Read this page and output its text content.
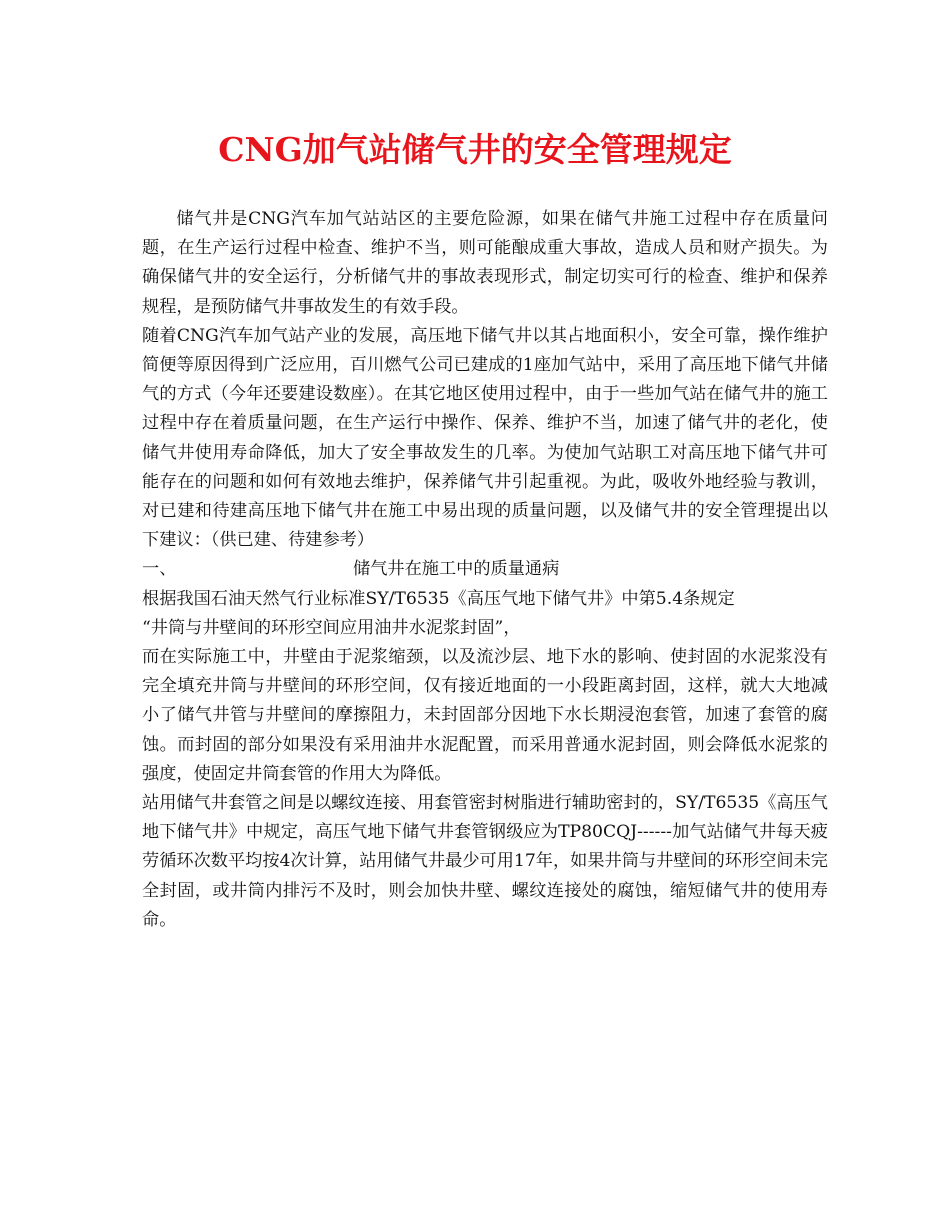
CNG加气站储气井的安全管理规定

储气井是CNG汽车加气站站区的主要危险源，如果在储气井施工过程中存在质量问题，在生产运行过程中检查、维护不当，则可能酿成重大事故，造成人员和财产损失。为确保储气井的安全运行，分析储气井的事故表现形式，制定切实可行的检查、维护和保养规程，是预防储气井事故发生的有效手段。

随着CNG汽车加气站产业的发展，高压地下储气井以其占地面积小，安全可靠，操作维护简便等原因得到广泛应用，百川燃气公司已建成的1座加气站中，采用了高压地下储气井储气的方式（今年还要建设数座）。在其它地区使用过程中，由于一些加气站在储气井的施工过程中存在着质量问题，在生产运行中操作、保养、维护不当，加速了储气井的老化，使储气井使用寿命降低，加大了安全事故发生的几率。为使加气站职工对高压地下储气井可能存在的问题和如何有效地去维护，保养储气井引起重视。为此，吸收外地经验与教训，对已建和待建高压地下储气井在施工中易出现的质量问题，以及储气井的安全管理提出以下建议：（供已建、待建参考）

一、	储气井在施工中的质量通病

根据我国石油天然气行业标准SY/T6535《高压气地下储气井》中第5.4条规定

“井筒与井壁间的环形空间应用油井水泥浆封固”，

而在实际施工中，井壁由于泥浆缩颈，以及流沙层、地下水的影响、使封固的水泥浆没有完全填充井筒与井壁间的环形空间，仅有接近地面的一小段距离封固，这样，就大大地减小了储气井管与井壁间的摩擦阻力，未封固部分因地下水长期浸泡套管，加速了套管的腐蚀。而封固的部分如果没有采用油井水泥配置，而采用普通水泥封固，则会降低水泥浆的强度，使固定井筒套管的作用大为降低。

站用储气井套管之间是以螺纹连接、用套管密封树脂进行辅助密封的，SY/T6535《高压气地下储气井》中规定，高压气地下储气井套管钢级应为TP80CQJ------加气站储气井每天疲劳循环次数平均按4次计算，站用储气井最少可用17年，如果井筒与井壁间的环形空间未完全封固，或井筒内排污不及时，则会加快井壁、螺纹连接处的腐蚀，缩短储气井的使用寿命。
